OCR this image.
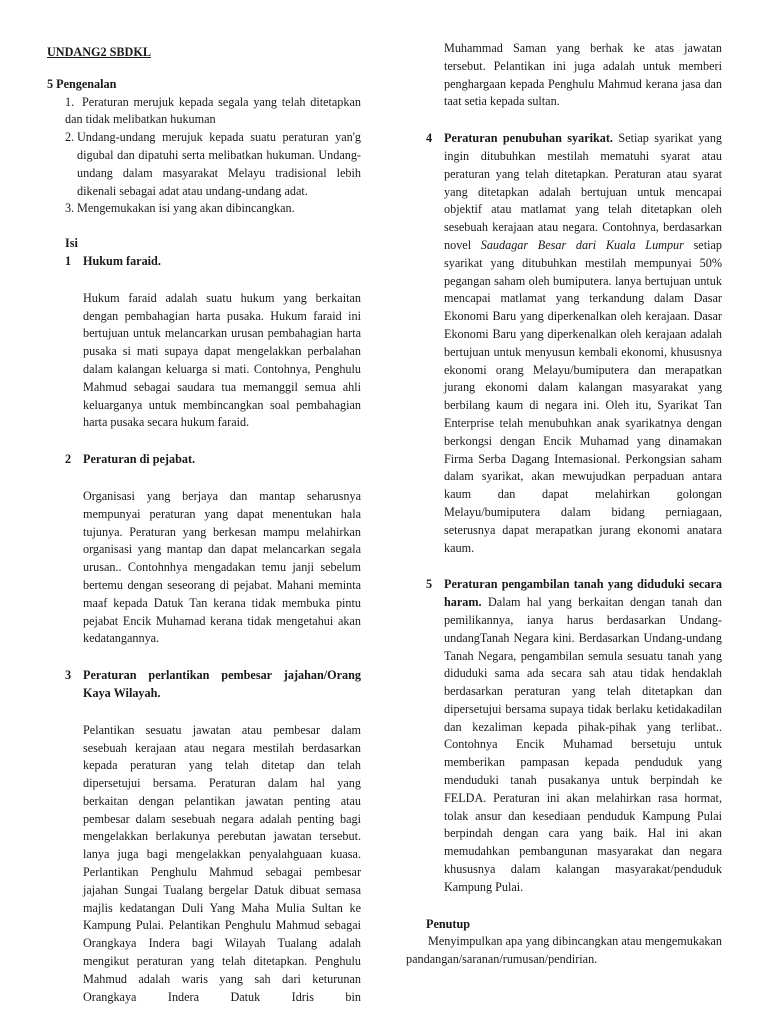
UNDANG2 SBDKL

5 Pengenalan

1. Peraturan merujuk kepada segala yang telah ditetapkan dan tidak melibatkan hukuman

2. Undang-undang merujuk kepada suatu peraturan yan'g digubal dan dipatuhi serta melibatkan hukuman. Undang- undang dalam masyarakat Melayu tradisional lebih dikenali sebagai adat atau undang-undang adat.
3. Mengemukakan isi yang akan dibincangkan.

Isi

1 Hukum faraid.

Hukum faraid adalah suatu hukum yang berkaitan dengan pembahagian harta pusaka. Hukum faraid ini bertujuan untuk melancarkan urusan pembahagian harta pusaka si mati supaya dapat mengelakkan perbalahan dalam kalangan keluarga si mati. Contohnya, Penghulu Mahmud sebagai saudara tua memanggil semua ahli keluarganya untuk membincangkan soal pembahagian harta pusaka secara hukum faraid.

2 Peraturan di pejabat.

Organisasi yang berjaya dan mantap seharusnya mempunyai peraturan yang dapat menentukan hala tujunya. Peraturan yang berkesan mampu melahirkan organisasi yang mantap dan dapat melancarkan segala urusan.. Contohnhya mengadakan temu janji sebelum bertemu dengan seseorang di pejabat. Mahani meminta maaf kepada Datuk Tan kerana tidak membuka pintu pejabat Encik Muhamad kerana tidak mengetahui akan kedatangannya.

3 Peraturan perlantikan pembesar jajahan/Orang Kaya Wilayah.

Pelantikan sesuatu jawatan atau pembesar dalam sesebuah kerajaan atau negara mestilah berdasarkan kepada peraturan yang telah ditetap dan telah dipersetujui bersama. Peraturan dalam hal yang berkaitan dengan pelantikan jawatan penting atau pembesar dalam sesebuah negara adalah penting bagi mengelakkan berlakunya perebutan jawatan tersebut. lanya juga bagi mengelakkan penyalahguaan kuasa. Perlantikan Penghulu Mahmud sebagai pembesar jajahan Sungai Tualang bergelar Datuk dibuat semasa majlis kedatangan Duli Yang Maha Mulia Sultan ke Kampung Pulai. Pelantikan Penghulu Mahmud sebagai Orangkaya Indera bagi Wilayah Tualang adalah mengikut peraturan yang telah ditetapkan. Penghulu Mahmud adalah waris yang sah dari keturunan Orangkaya Indera Datuk Idris bin

Muhammad Saman yang berhak ke atas jawatan tersebut. Pelantikan ini juga adalah untuk memberi penghargaan kepada Penghulu Mahmud kerana jasa dan taat setia kepada sultan.

4 Peraturan penubuhan syarikat. Setiap syarikat yang ingin ditubuhkan mestilah mematuhi syarat atau peraturan yang telah ditetapkan. Peraturan atau syarat yang ditetapkan adalah bertujuan untuk mencapai objektif atau matlamat yang telah ditetapkan oleh sesebuah kerajaan atau negara. Contohnya, berdasarkan novel Saudagar Besar dari Kuala Lumpur setiap syarikat yang ditubuhkan mestilah mempunyai 50% pegangan saham oleh bumiputera. lanya bertujuan untuk mencapai matlamat yang terkandung dalam Dasar Ekonomi Baru yang diperkenalkan oleh kerajaan. Dasar Ekonomi Baru yang diperkenalkan oleh kerajaan adalah bertujuan untuk menyusun kembali ekonomi, khususnya ekonomi orang Melayu/bumiputera dan merapatkan jurang ekonomi dalam kalangan masyarakat yang berbilang kaum di negara ini. Oleh itu, Syarikat Tan Enterprise telah menubuhkan anak syarikatnya dengan berkongsi dengan Encik Muhamad yang dinamakan Firma Serba Dagang Intemasional. Perkongsian saham dalam syarikat, akan mewujudkan perpaduan antara kaum dan dapat melahirkan golongan Melayu/bumiputera dalam bidang perniagaan, seterusnya dapat merapatkan jurang ekonomi anatara kaum.

5 Peraturan pengambilan tanah yang diduduki secara haram. Dalam hal yang berkaitan dengan tanah dan pemilikannya, ianya harus berdasarkan Undang-undangTanah Negara kini. Berdasarkan Undang-undang Tanah Negara, pengambilan semula sesuatu tanah yang diduduki sama ada secara sah atau tidak hendaklah berdasarkan peraturan yang telah ditetapkan dan dipersetujui bersama supaya tidak berlaku ketidakadilan dan kezaliman kepada pihak-pihak yang terlibat.. Contohnya Encik Muhamad bersetuju untuk memberikan pampasan kepada penduduk yang menduduki tanah pusakanya untuk berpindah ke FELDA. Peraturan ini akan melahirkan rasa hormat, tolak ansur dan kesediaan penduduk Kampung Pulai berpindah dengan cara yang baik. Hal ini akan memudahkan pembangunan masyarakat dan negara khususnya dalam kalangan masyarakat/penduduk Kampung Pulai.

Penutup

Menyimpulkan apa yang dibincangkan atau mengemukakan pandangan/saranan/rumusan/pendirian.
